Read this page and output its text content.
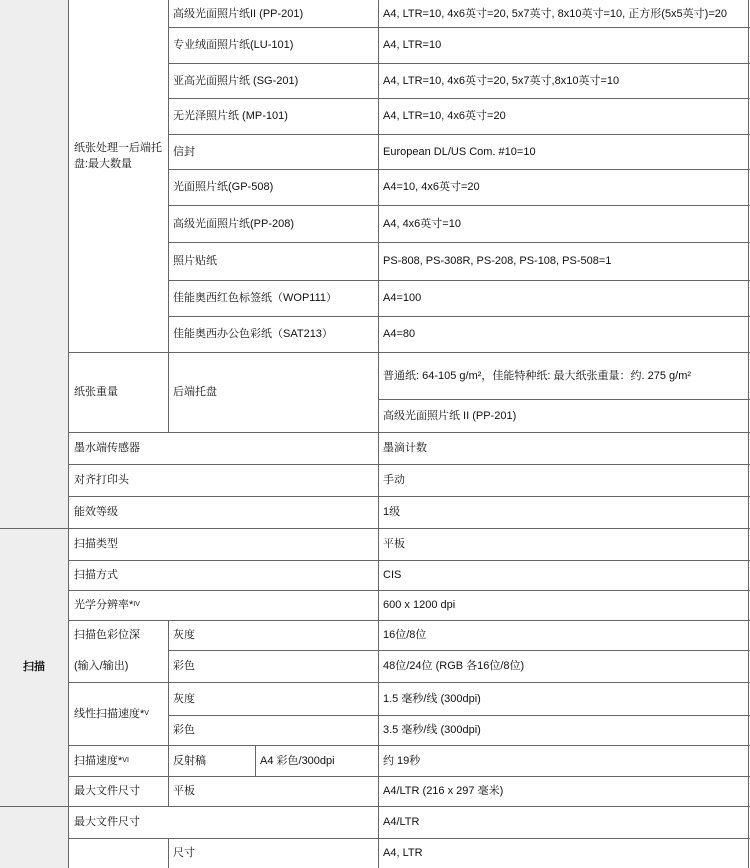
纸张处理一后端托盘:最大数量
高级光面照片纸II (PP-201)	A4, LTR=10, 4x6英寸=20, 5x7英寸, 8x10英寸=10, 正方形(5x5英寸)=20
专业绒面照片纸(LU-101)	A4, LTR=10
亚高光面照片纸 (SG-201)	A4, LTR=10, 4x6英寸=20, 5x7英寸,8x10英寸=10
无光泽照片纸 (MP-101)	A4, LTR=10, 4x6英寸=20
信封	European DL/US Com. #10=10
光面照片纸(GP-508)	A4=10, 4x6英寸=20
高级光面照片纸(PP-208)	A4, 4x6英寸=10
照片贴纸	PS-808, PS-308R, PS-208, PS-108, PS-508=1
佳能奥西红色标签纸（WOP111）	A4=100
佳能奥西办公色彩纸（SAT213）	A4=80
纸张重量	后端托盘
普通纸: 64-105 g/m²，佳能特种纸: 最大纸张重量：约. 275 g/m²
高级光面照片纸 II (PP-201)
墨水端传感器	墨滴计数
对齐打印头	手动
能效等级	1级
扫描
扫描类型	平板
扫描方式	CIS
光学分辨率* IV	600 x 1200 dpi
扫描色彩位深
(输入/输出)
灰度	16位/8位
彩色	48位/24位 (RGB 各16位/8位)
线性扫描速度* V
灰度	1.5 毫秒/线 (300dpi)
彩色	3.5 毫秒/线 (300dpi)
扫描速度* VI	反射稿	A4 彩色/300dpi	约 19秒
最大文件尺寸	平板	A4/LTR (216 x 297 毫米)
最大文件尺寸	A4/LTR
尺寸	A4, LTR
